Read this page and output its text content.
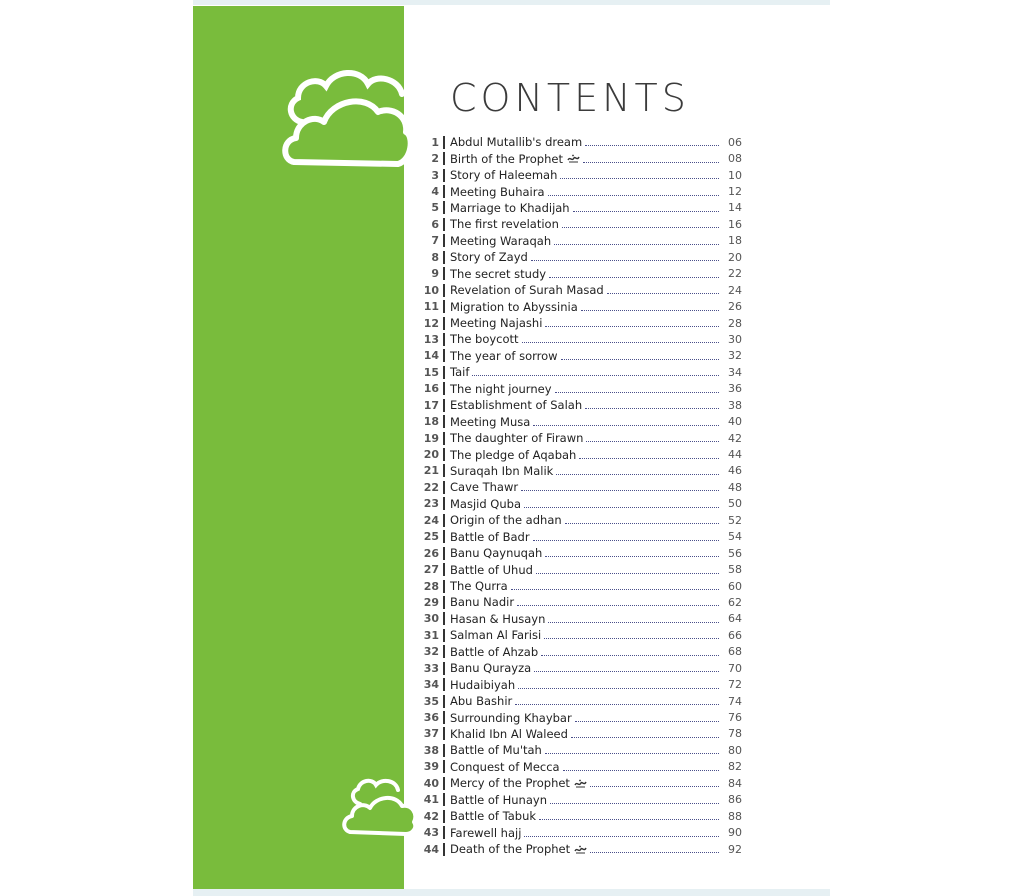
CONTENTS
1 Abdul Mutallib's dream	06
2 Birth of the Prophet	08
3 Story of Haleemah	10
4 Meeting Buhaira	12
5 Marriage to Khadijah	14
6 The first revelation	16
7 Meeting Waraqah	18
8 Story of Zayd	20
9 The secret study	22
10 Revelation of Surah Masad	24
11 Migration to Abyssinia	26
12 Meeting Najashi	28
13 The boycott	30
14 The year of sorrow	32
15 Taif	34
16 The night journey	36
17 Establishment of Salah	38
18 Meeting Musa	40
19 The daughter of Firawn	42
20 The pledge of Aqabah	44
21 Suraqah Ibn Malik	46
22 Cave Thawr	48
23 Masjid Quba	50
24 Origin of the adhan	52
25 Battle of Badr	54
26 Banu Qaynuqah	56
27 Battle of Uhud	58
28 The Qurra	60
29 Banu Nadir	62
30 Hasan & Husayn	64
31 Salman Al Farisi	66
32 Battle of Ahzab	68
33 Banu Qurayza	70
34 Hudaibiyah	72
35 Abu Bashir	74
36 Surrounding Khaybar	76
37 Khalid Ibn Al Waleed	78
38 Battle of Mu'tah	80
39 Conquest of Mecca	82
40 Mercy of the Prophet	84
41 Battle of Hunayn	86
42 Battle of Tabuk	88
43 Farewell hajj	90
44 Death of the Prophet	92
